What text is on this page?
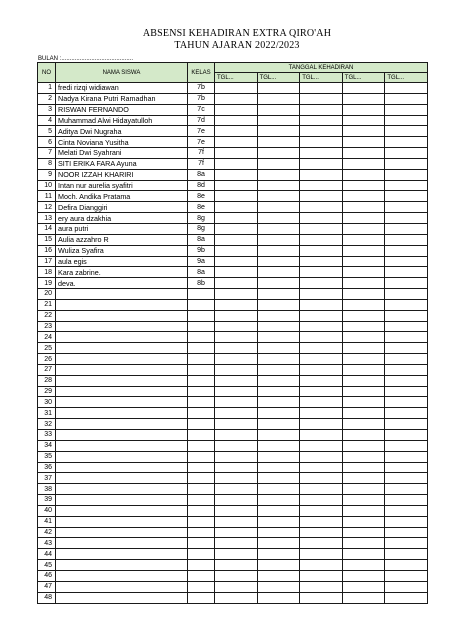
ABSENSI KEHADIRAN EXTRA QIRO'AH
TAHUN AJARAN 2022/2023
BULAN :...........................................
NO	NAMA SISWA	KELAS	TANGGAL KEHADIRAN				
			TGL...	TGL...	TGL...	TGL...	TGL...
1	fredi rizqi widiawan	7b					
2	Nadya Kirana Putri Ramadhan	7b					
3	RISWAN FERNANDO	7c					
4	Muhammad Alwi Hidayatulloh	7d					
5	Aditya Dwi Nugraha	7e					
6	Cinta Noviana Yusitha	7e					
7	Melati Dwi Syahrani	7f					
8	SITI ERIKA FARA Ayuna	7f					
9	NOOR IZZAH KHARIRI	8a					
10	Intan nur aurelia syafitri	8d					
11	Moch. Andika Pratama	8e					
12	Defira Dianggiri	8e					
13	ery aura dzakhia	8g					
14	aura putri	8g					
15	Aulia azzahro R	8a					
16	Wuliza Syafira	9b					
17	aula egis	9a					
18	Kara zabrine.	8a					
19	deva.	8b					
20							
21							
22							
23							
24							
25							
26							
27							
28							
29							
30							
31							
32							
33							
34							
35							
36							
37							
38							
39							
40							
41							
42							
43							
44							
45							
46							
47							
48							
